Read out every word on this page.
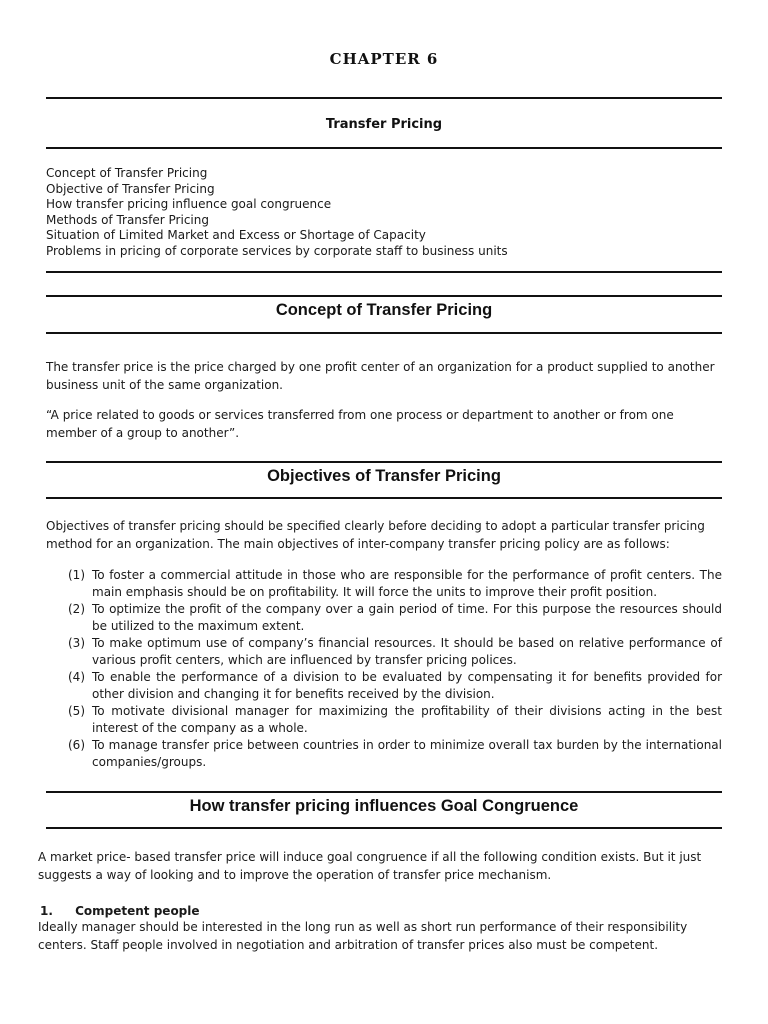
CHAPTER 6
Transfer Pricing
Concept of Transfer Pricing
Objective of Transfer Pricing
How transfer pricing influence goal congruence
Methods of Transfer Pricing
Situation of Limited Market and Excess or Shortage of Capacity
Problems in pricing of corporate services by corporate staff to business units
Concept of Transfer Pricing
The transfer price is the price charged by one profit center of an organization for a product supplied to another business unit of the same organization.
“A price related to goods or services transferred from one process or department to another or from one member of a group to another”.
Objectives of Transfer Pricing
Objectives of transfer pricing should be specified clearly before deciding to adopt a particular transfer pricing method for an organization. The main objectives of inter-company transfer pricing policy are as follows:
(1) To foster a commercial attitude in those who are responsible for the performance of profit centers. The main emphasis should be on profitability. It will force the units to improve their profit position.
(2) To optimize the profit of the company over a gain period of time. For this purpose the resources should be utilized to the maximum extent.
(3) To make optimum use of company’s financial resources. It should be based on relative performance of various profit centers, which are influenced by transfer pricing polices.
(4) To enable the performance of a division to be evaluated by compensating it for benefits provided for other division and changing it for benefits received by the division.
(5) To motivate divisional manager for maximizing the profitability of their divisions acting in the best interest of the company as a whole.
(6) To manage transfer price between countries in order to minimize overall tax burden by the international companies/groups.
How transfer pricing influences Goal Congruence
A market price- based transfer price will induce goal congruence if all the following condition exists. But it just suggests a way of looking and to improve the operation of transfer price mechanism.
1. Competent people
Ideally manager should be interested in the long run as well as short run performance of their responsibility centers. Staff people involved in negotiation and arbitration of transfer prices also must be competent.
